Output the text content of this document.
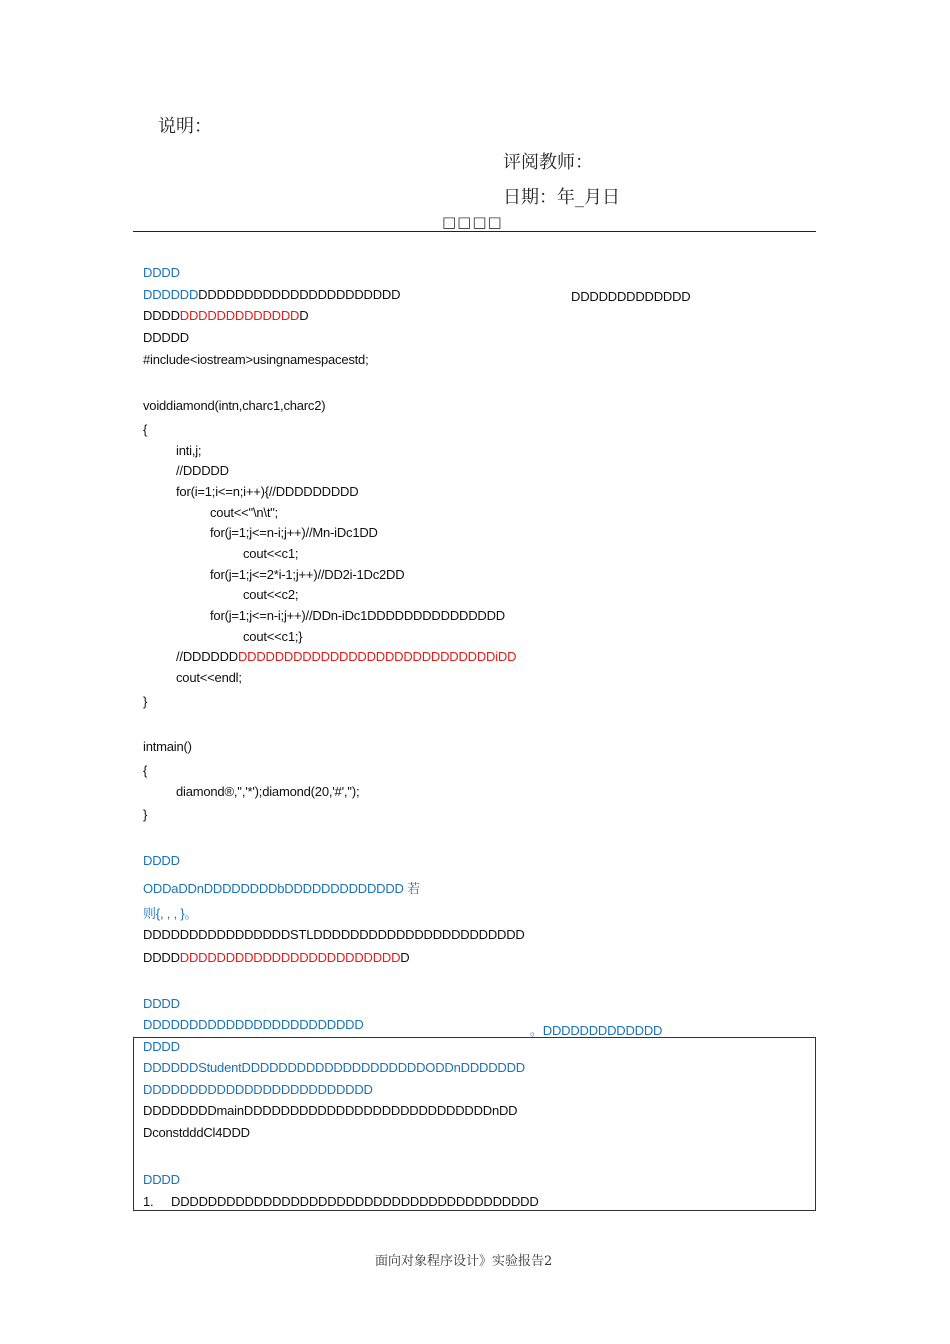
说明：
评阅教师：
日期：年_月日
□□□□
DDDD
DDDDDDDDDDDDDDDDDDDDDDDDDDDD	DDDDDDDDDDDDD
DDDDDDDDDDDDDDDDDD
DDDDD
#include<iostream>usingnamespacestd;
voiddiamond(intn,charc1,charc2)
{
inti,j;
//DDDDD
for(i=1;i<=n;i++){//DDDDDDDDD
cout<<"\n\t";
for(j=1;j<=n-i;j++)//Mn-iDc1DD
cout<<c1;
for(j=1;j<=2*i-1;j++)//DD2i-1Dc2DD
cout<<c2;
for(j=1;j<=n-i;j++)//DDn-iDc1DDDDDDDDDDDDDDD
cout<<c1;}
//DDDDDDDDDDDDDDDDDDDDDDDDDDDDDDDDDDiDD
cout<<endl;
}
intmain()
{
diamond®,'','*');diamond(20,'#','');
}
DDDD
ODDaDDnDDDDDDDDbDDDDDDDDDDDDD 若
则{, , , }。
DDDDDDDDDDDDDDDDSTLDDDDDDDDDDDDDDDDDDDDDDD
DDDDDDDDDDDDDDDDDDDDDDDDDDDDD
DDDD
DDDDDDDDDDDDDDDDDDDDDDDD	。DDDDDDDDDDDDD
DDDD
DDDDDDStudentDDDDDDDDDDDDDDDDDDDDODDnDDDDDDD
DDDDDDDDDDDDDDDDDDDDDDDDD
DDDDDDDDmainDDDDDDDDDDDDDDDDDDDDDDDDDDDnDD
DconstdddCl4DDD
DDDD
1. DDDDDDDDDDDDDDDDDDDDDDDDDDDDDDDDDDDDDDDD
面向对象程序设计》实验报告2
